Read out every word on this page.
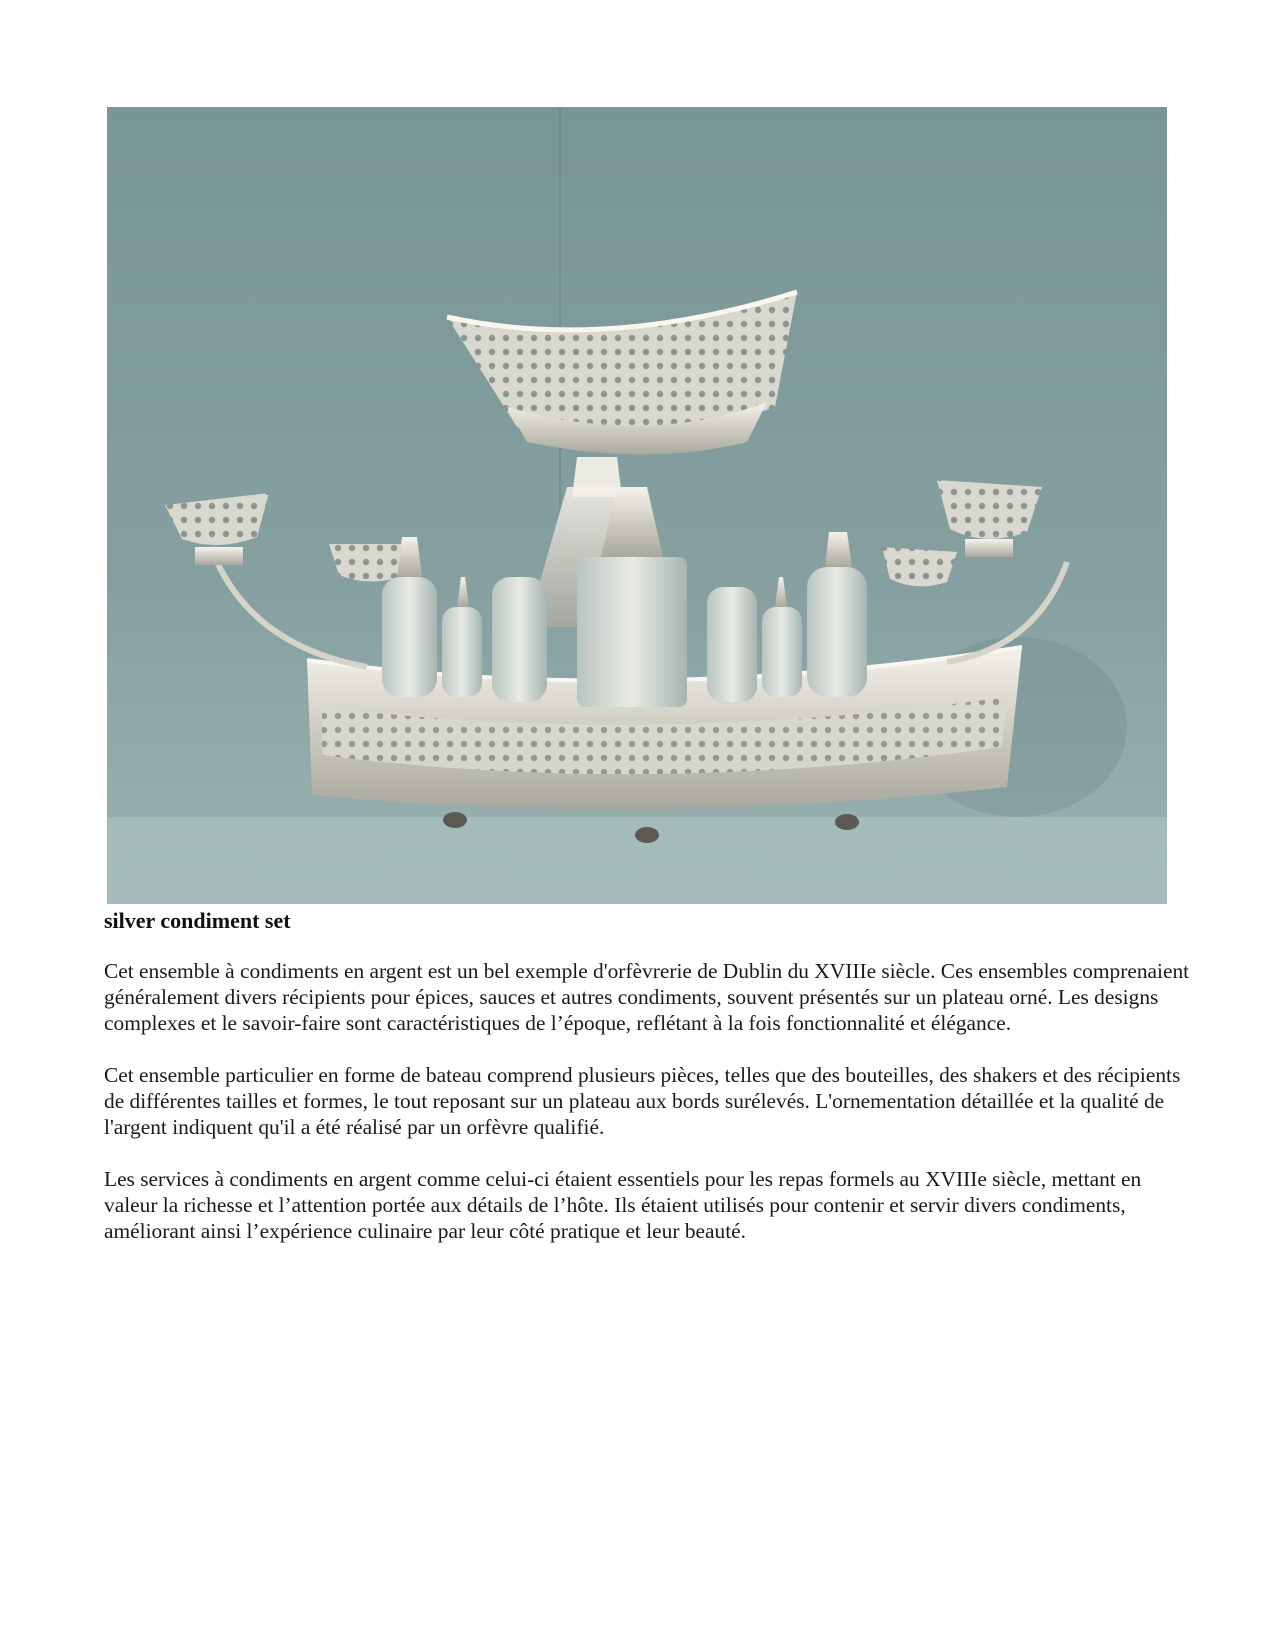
silver condiment set

Cet ensemble à condiments en argent est un bel exemple d'orfèvrerie de Dublin du XVIIIe siècle. Ces ensembles comprenaient généralement divers récipients pour épices, sauces et autres condiments, souvent présentés sur un plateau orné. Les designs complexes et le savoir-faire sont caractéristiques de l’époque, reflétant à la fois fonctionnalité et élégance.

Cet ensemble particulier en forme de bateau comprend plusieurs pièces, telles que des bouteilles, des shakers et des récipients de différentes tailles et formes, le tout reposant sur un plateau aux bords surélevés. L'ornementation détaillée et la qualité de l'argent indiquent qu'il a été réalisé par un orfèvre qualifié.

Les services à condiments en argent comme celui-ci étaient essentiels pour les repas formels au XVIIIe siècle, mettant en valeur la richesse et l’attention portée aux détails de l’hôte. Ils étaient utilisés pour contenir et servir divers condiments, améliorant ainsi l’expérience culinaire par leur côté pratique et leur beauté.
